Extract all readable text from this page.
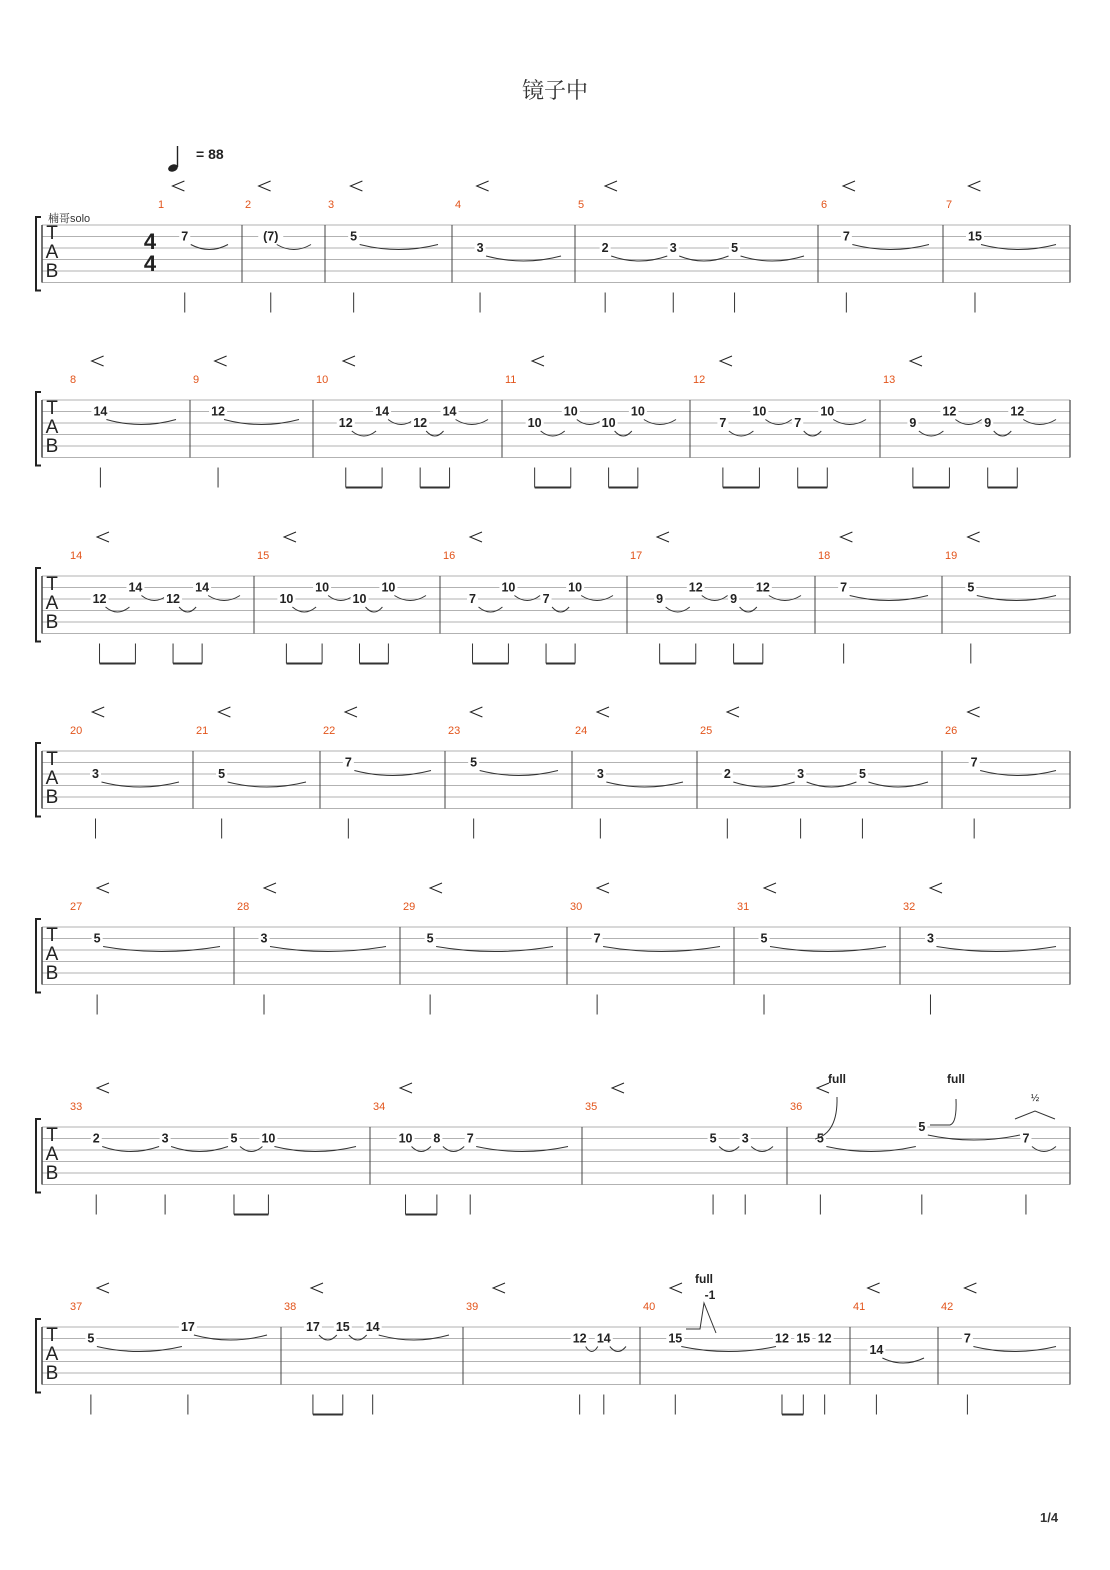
镜子中
= 88
楠哥solo
T
A
B
4
4
1
7
2
(7)
3
5
4
3
5
2	3	5
6
7
7
15
T
A
B
8
14
9
12
10
12
14
12
14
11
10
10
10
10
12
7
10
7
10
13
9
12
9
12
T
A
B
14
12
14
12
14
15
10
10
10
10
16
7
10
7
10
17
9
12
9
12
18
7
19
5
T
A
B
20
3
21
5
22
7
23
5
24
3
25
2	3	5
26
7
T
A
B
27
5
28
3
29
5
30
7
31
5
32
3
T
A
B
33
2	3	5 10
34
10 8 7
35
5 3
36
5
5
7
T
A
B
37
5
17
38
17 15 14
39
12 14
40
15	12 15 12
41
14
42
7
full	full
½
full
-1
1/4
